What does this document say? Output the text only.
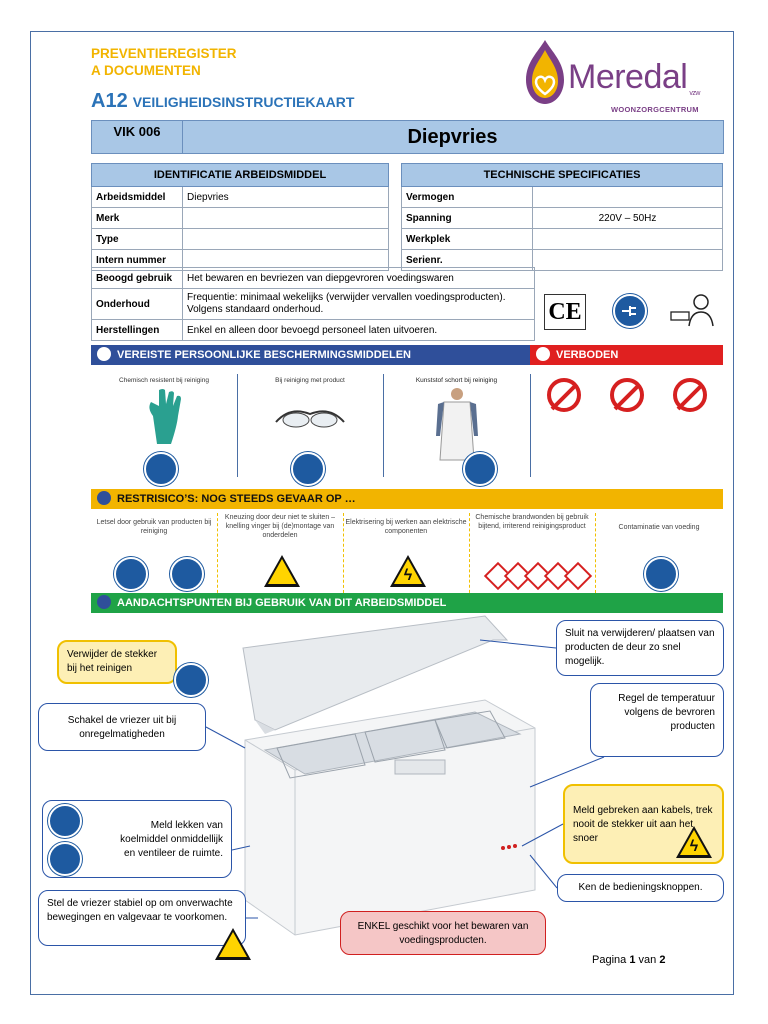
PREVENTIEREGISTER
A DOCUMENTEN
A12 VEILIGHEIDSINSTRUCTIEKAART
Meredal vzw
WOONZORGCENTRUM
VIK 006	Diepvries
IDENTIFICATIE ARBEIDSMIDDEL	
Arbeidsmiddel	Diepvries
Merk	
Type	
Intern nummer	
TECHNISCHE SPECIFICATIES	
Vermogen	
Spanning	220V – 50Hz
Werkplek	
Serienr.	
Beoogd gebruik	Het bewaren en bevriezen van diepgevroren voedingswaren
Onderhoud	Frequentie: minimaal wekelijks (verwijder vervallen voedingsproducten). Volgens standaard onderhoud.
Herstellingen	Enkel en alleen door bevoegd personeel laten uitvoeren.
CE
VEREISTE PERSOONLIJKE BESCHERMINGSMIDDELEN	VERBODEN
Chemisch resistent bij reiniging	Bij reiniging met product	Kunststof schort bij reiniging
RESTRISICO’S: NOG STEEDS GEVAAR OP …
Letsel door gebruik van producten bij reiniging
Kneuzing door deur niet te sluiten – knelling vinger bij (de)montage van onderdelen
Elektrisering bij werken aan elektrische componenten
ϟ
Chemische brandwonden bij gebruik bijtend, irriterend reinigingsproduct	Contaminatie van voeding
AANDACHTSPUNTEN BIJ GEBRUIK VAN DIT ARBEIDSMIDDEL
Verwijder de stekker bij het reinigen
Schakel de vriezer uit bij onregelmatigheden
Meld lekken van koelmiddel onmiddellijk en ventileer de ruimte.
Stel de vriezer stabiel op om onverwachte bewegingen en valgevaar te voorkomen.
ENKEL geschikt voor het bewaren van voedingsproducten.
Sluit na verwijderen/ plaatsen van producten de deur zo snel mogelijk.
Regel de temperatuur volgens de bevroren producten
Meld gebreken aan kabels, trek nooit de stekker uit aan het snoer	ϟ
Ken de bedieningsknoppen.
Pagina 1 van 2
